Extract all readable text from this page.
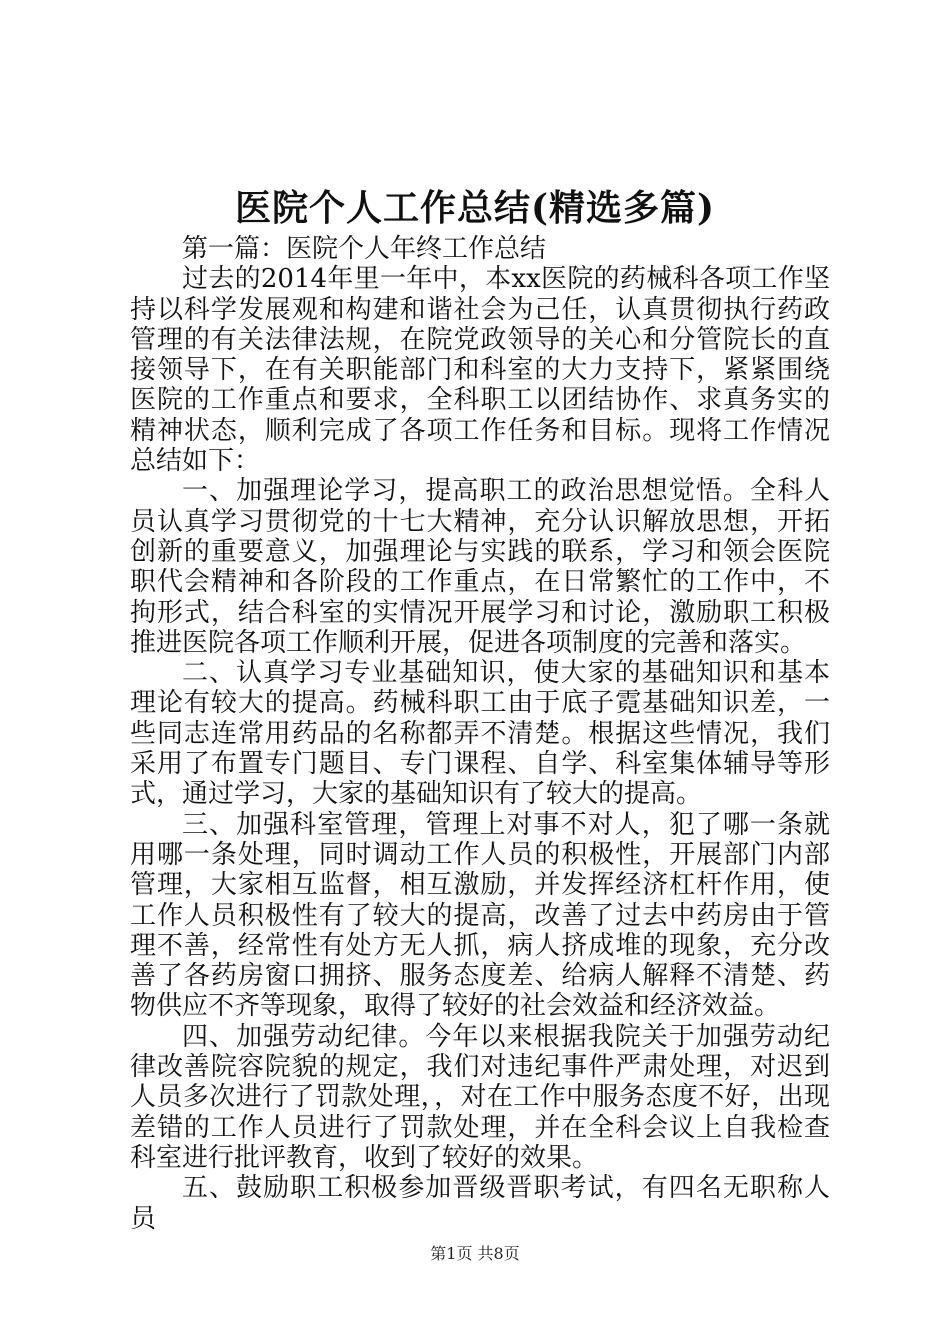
医院个人工作总结(精选多篇)

第一篇：医院个人年终工作总结

过去的2014年里一年中，本xx医院的药械科各项工作坚持以科学发展观和构建和谐社会为己任，认真贯彻执行药政管理的有关法律法规，在院党政领导的关心和分管院长的直接领导下，在有关职能部门和科室的大力支持下，紧紧围绕医院的工作重点和要求，全科职工以团结协作、求真务实的精神状态，顺利完成了各项工作任务和目标。现将工作情况总结如下：

一、加强理论学习，提高职工的政治思想觉悟。全科人员认真学习贯彻党的十七大精神，充分认识解放思想，开拓创新的重要意义，加强理论与实践的联系，学习和领会医院职代会精神和各阶段的工作重点，在日常繁忙的工作中，不拘形式，结合科室的实情况开展学习和讨论，激励职工积极推进医院各项工作顺利开展，促进各项制度的完善和落实。

二、认真学习专业基础知识，使大家的基础知识和基本理论有较大的提高。药械科职工由于底子霓基础知识差，一些同志连常用药品的名称都弄不清楚。根据这些情况，我们采用了布置专门题目、专门课程、自学、科室集体辅导等形式，通过学习，大家的基础知识有了较大的提高。

三、加强科室管理，管理上对事不对人，犯了哪一条就用哪一条处理，同时调动工作人员的积极性，开展部门内部管理，大家相互监督，相互激励，并发挥经济杠杆作用，使工作人员积极性有了较大的提高，改善了过去中药房由于管理不善，经常性有处方无人抓，病人挤成堆的现象，充分改善了各药房窗口拥挤、服务态度差、给病人解释不清楚、药物供应不齐等现象，取得了较好的社会效益和经济效益。

四、加强劳动纪律。今年以来根据我院关于加强劳动纪律改善院容院貌的规定，我们对违纪事件严肃处理，对迟到人员多次进行了罚款处理，，对在工作中服务态度不好，出现差错的工作人员进行了罚款处理，并在全科会议上自我检查科室进行批评教育，收到了较好的效果。

五、鼓励职工积极参加晋级晋职考试，有四名无职称人员

第1页 共8页
